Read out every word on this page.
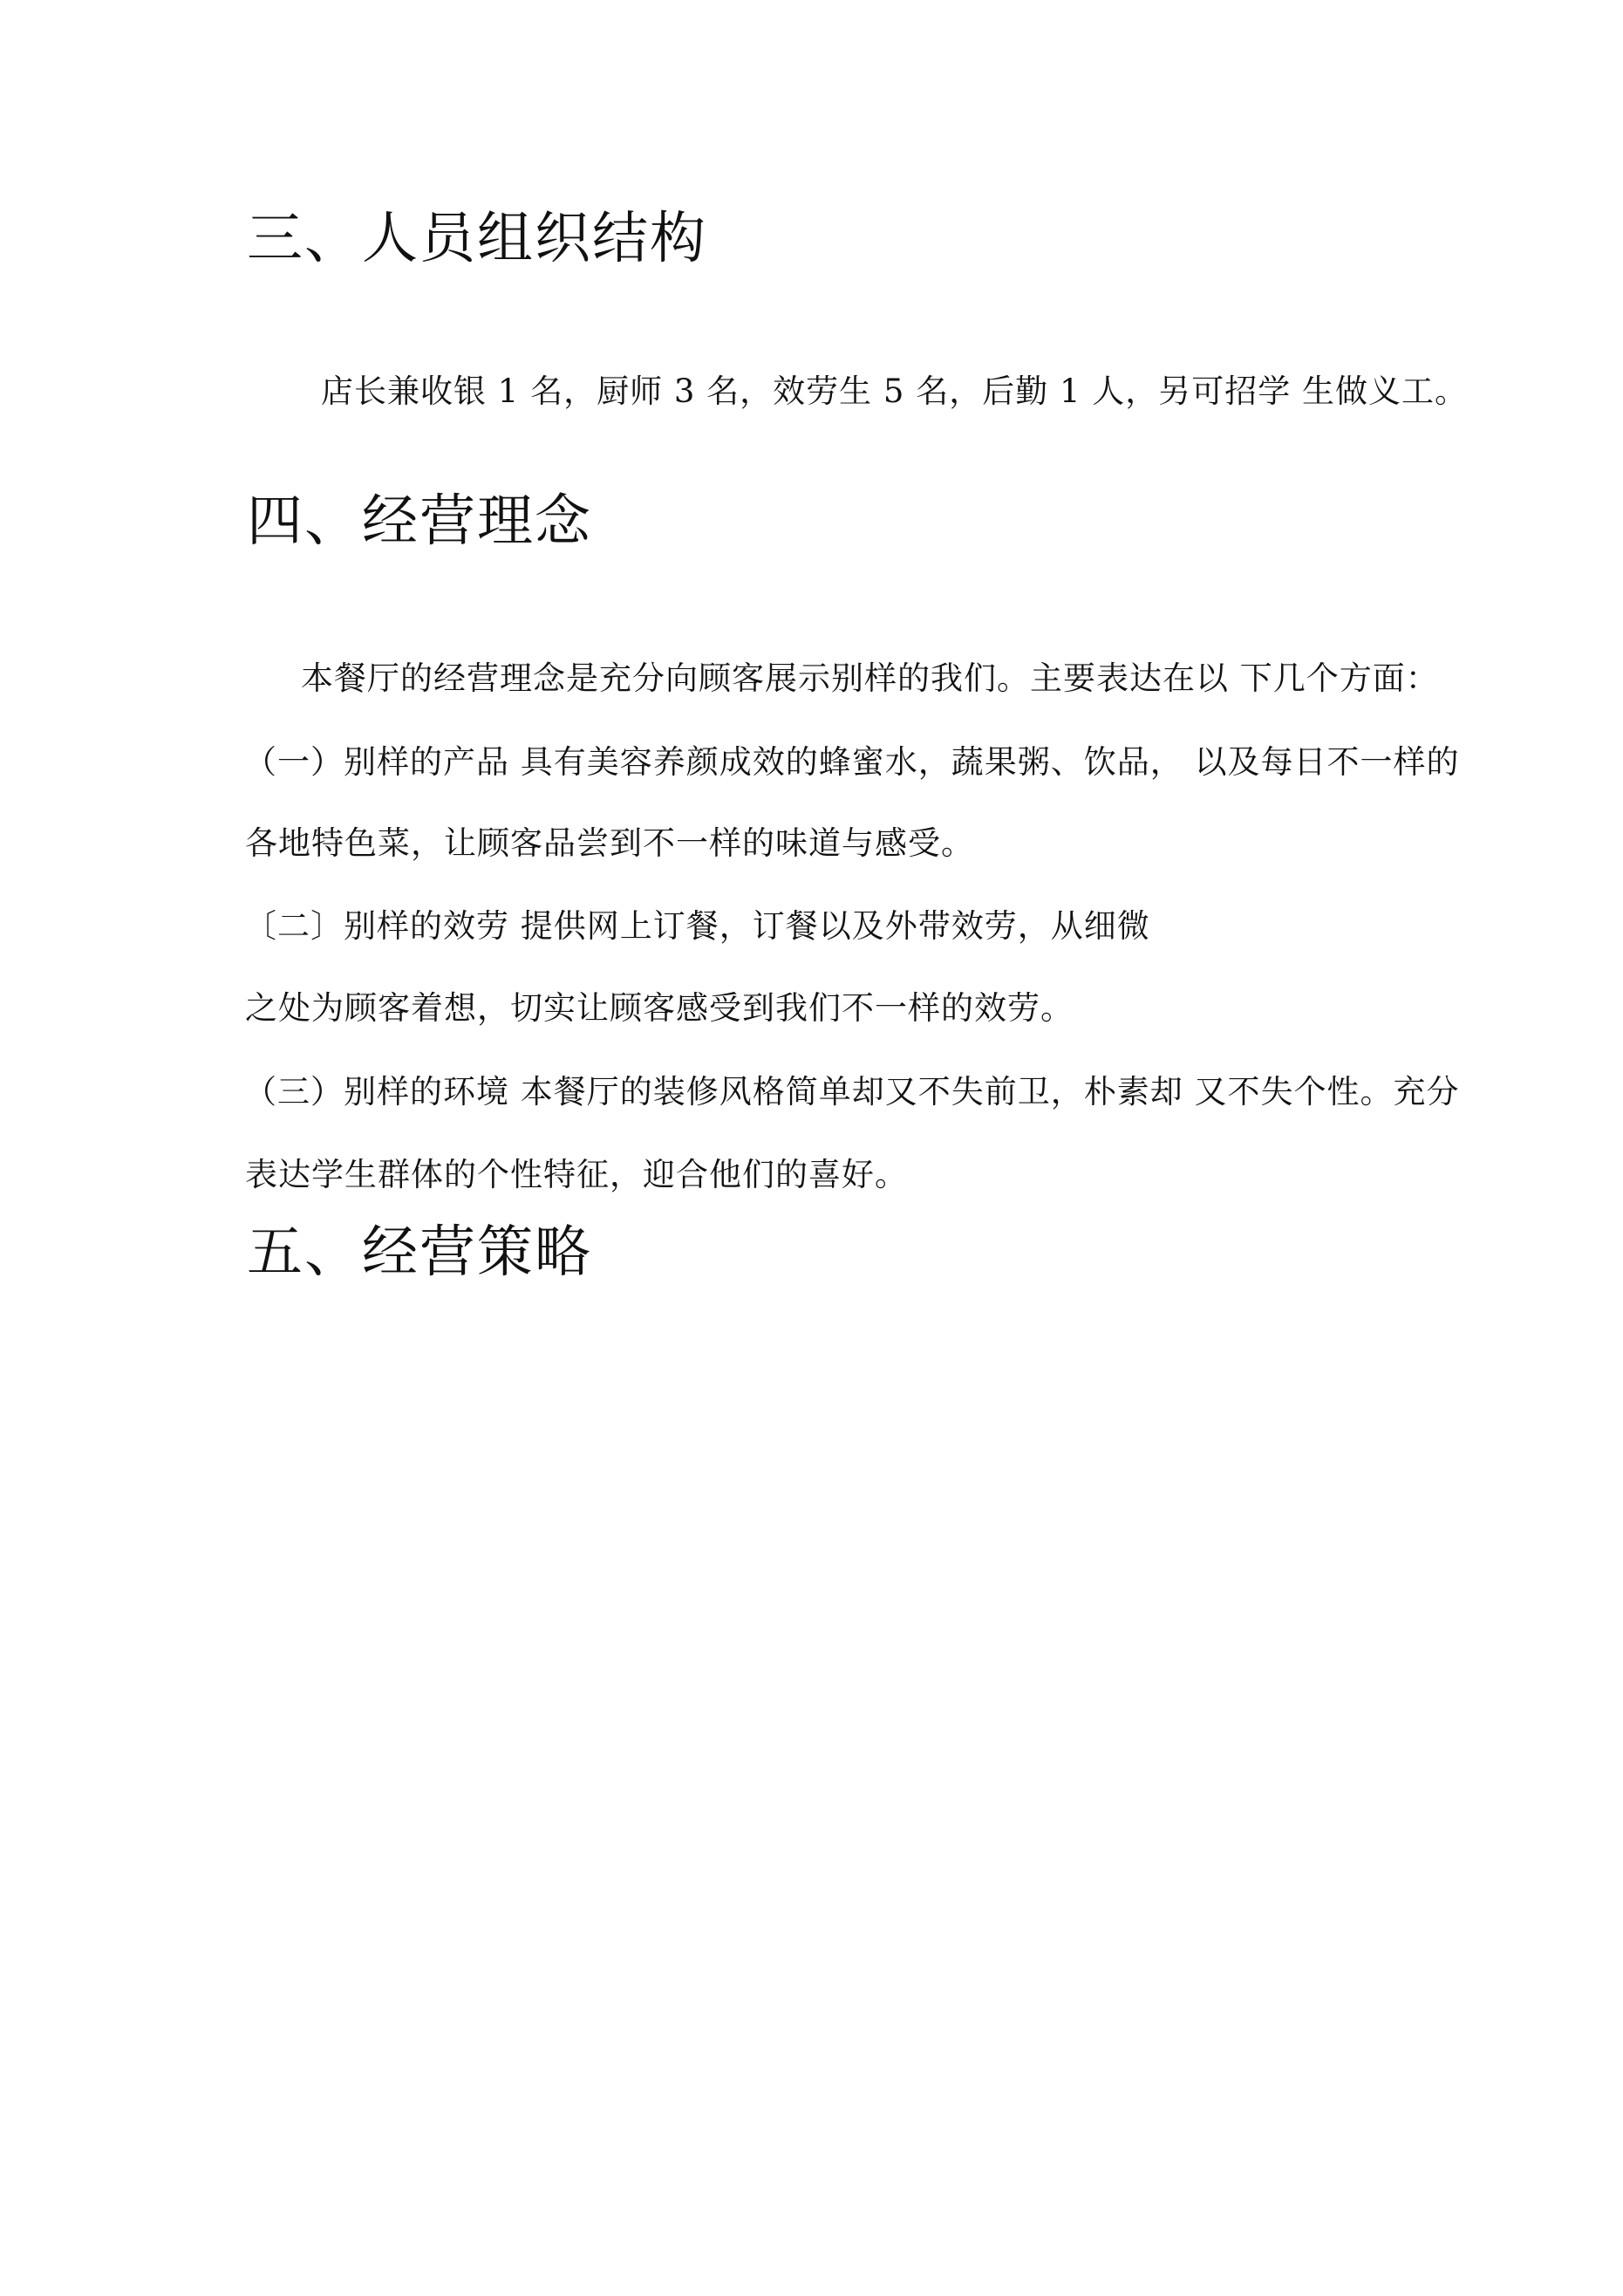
三、人员组织结构

店长兼收银 1 名，厨师 3 名，效劳生 5 名，后勤 1 人，另可招学 生做义工。

四、经营理念

本餐厅的经营理念是充分向顾客展示别样的我们。主要表达在以 下几个方面：

（一）别样的产品 具有美容养颜成效的蜂蜜水，蔬果粥、饮品， 以及每日不一样的

各地特色菜，让顾客品尝到不一样的味道与感受。

〔二〕别样的效劳 提供网上订餐，订餐以及外带效劳，从细微

之处为顾客着想，切实让顾客感受到我们不一样的效劳。

（三）别样的环境 本餐厅的装修风格简单却又不失前卫，朴素却 又不失个性。充分

表达学生群体的个性特征，迎合他们的喜好。

五、经营策略
